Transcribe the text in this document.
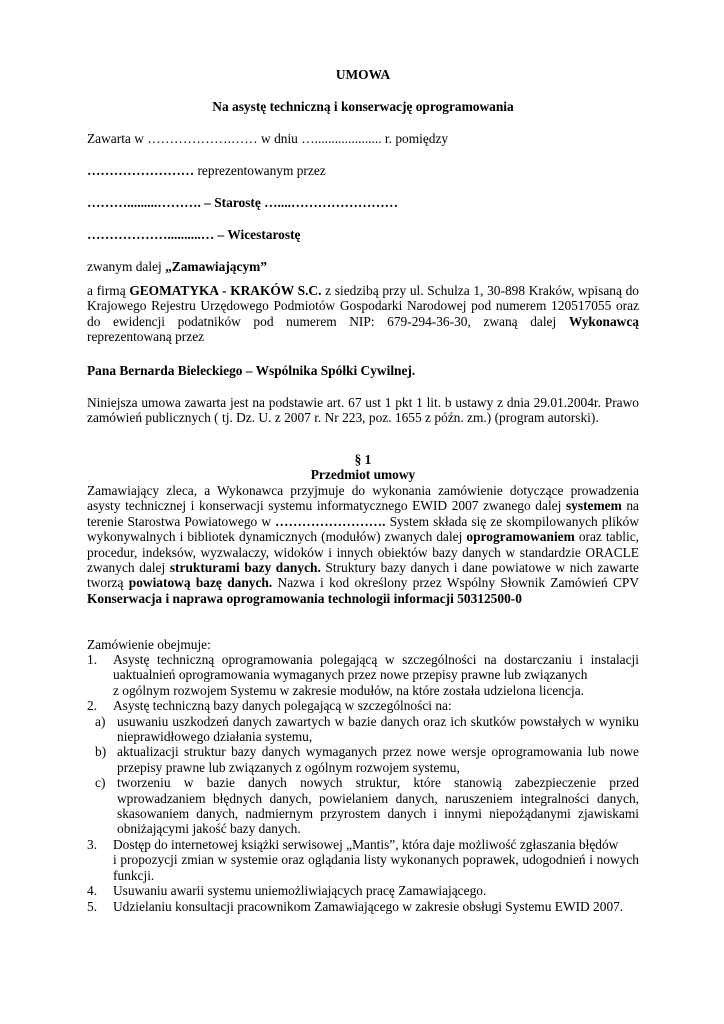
UMOWA

Na asystę techniczną i konserwację oprogramowania

Zawarta w ……………….…… w dniu ….................... r. pomiędzy

…………………… reprezentowanym przez

……….........………. – Starostę …....……………………

………………..........… – Wicestarostę

zwanym dalej „Zamawiającym”

a firmą GEOMATYKA - KRAKÓW S.C. z siedzibą przy ul. Schulza 1, 30-898 Kraków, wpisaną do Krajowego Rejestru Urzędowego Podmiotów Gospodarki Narodowej pod numerem 120517055 oraz do ewidencji podatników pod numerem NIP: 679-294-36-30, zwaną dalej Wykonawcą reprezentowaną przez

Pana Bernarda Bieleckiego – Wspólnika Spółki Cywilnej.

Niniejsza umowa zawarta jest na podstawie art. 67 ust 1 pkt 1 lit. b ustawy z dnia 29.01.2004r. Prawo zamówień publicznych ( tj. Dz. U. z 2007 r. Nr 223, poz. 1655 z późn. zm.) (program autorski).

§ 1

Przedmiot umowy

Zamawiający zleca, a Wykonawca przyjmuje do wykonania zamówienie dotyczące prowadzenia asysty technicznej i konserwacji systemu informatycznego EWID 2007 zwanego dalej systemem na terenie Starostwa Powiatowego w ……………………. System składa się ze skompilowanych plików wykonywalnych i bibliotek dynamicznych (modułów) zwanych dalej oprogramowaniem oraz tablic, procedur, indeksów, wyzwalaczy, widoków i innych obiektów bazy danych w standardzie ORACLE zwanych dalej strukturami bazy danych. Struktury bazy danych i dane powiatowe w nich zawarte tworzą powiatową bazę danych. Nazwa i kod określony przez Wspólny Słownik Zamówień CPV Konserwacja i naprawa oprogramowania technologii informacji 50312500-0

Zamówienie obejmuje:

1. Asystę techniczną oprogramowania polegającą w szczególności na dostarczaniu i instalacji uaktualnień oprogramowania wymaganych przez nowe przepisy prawne lub związanych
z ogólnym rozwojem Systemu w zakresie modułów, na które została udzielona licencja.
2. Asystę techniczną bazy danych polegającą w szczególności na:
a) usuwaniu uszkodzeń danych zawartych w bazie danych oraz ich skutków powstałych w wyniku nieprawidłowego działania systemu,
b) aktualizacji struktur bazy danych wymaganych przez nowe wersje oprogramowania lub nowe przepisy prawne lub związanych z ogólnym rozwojem systemu,
c) tworzeniu w bazie danych nowych struktur, które stanowią zabezpieczenie przed wprowadzaniem błędnych danych, powielaniem danych, naruszeniem integralności danych, skasowaniem danych, nadmiernym przyrostem danych i innymi niepożądanymi zjawiskami obniżającymi jakość bazy danych.
3. Dostęp do internetowej książki serwisowej „Mantis”, która daje możliwość zgłaszania błędów
i propozycji zmian w systemie oraz oglądania listy wykonanych poprawek, udogodnień i nowych funkcji.
4. Usuwaniu awarii systemu uniemożliwiających pracę Zamawiającego.
5. Udzielaniu konsultacji pracownikom Zamawiającego w zakresie obsługi Systemu EWID 2007.
